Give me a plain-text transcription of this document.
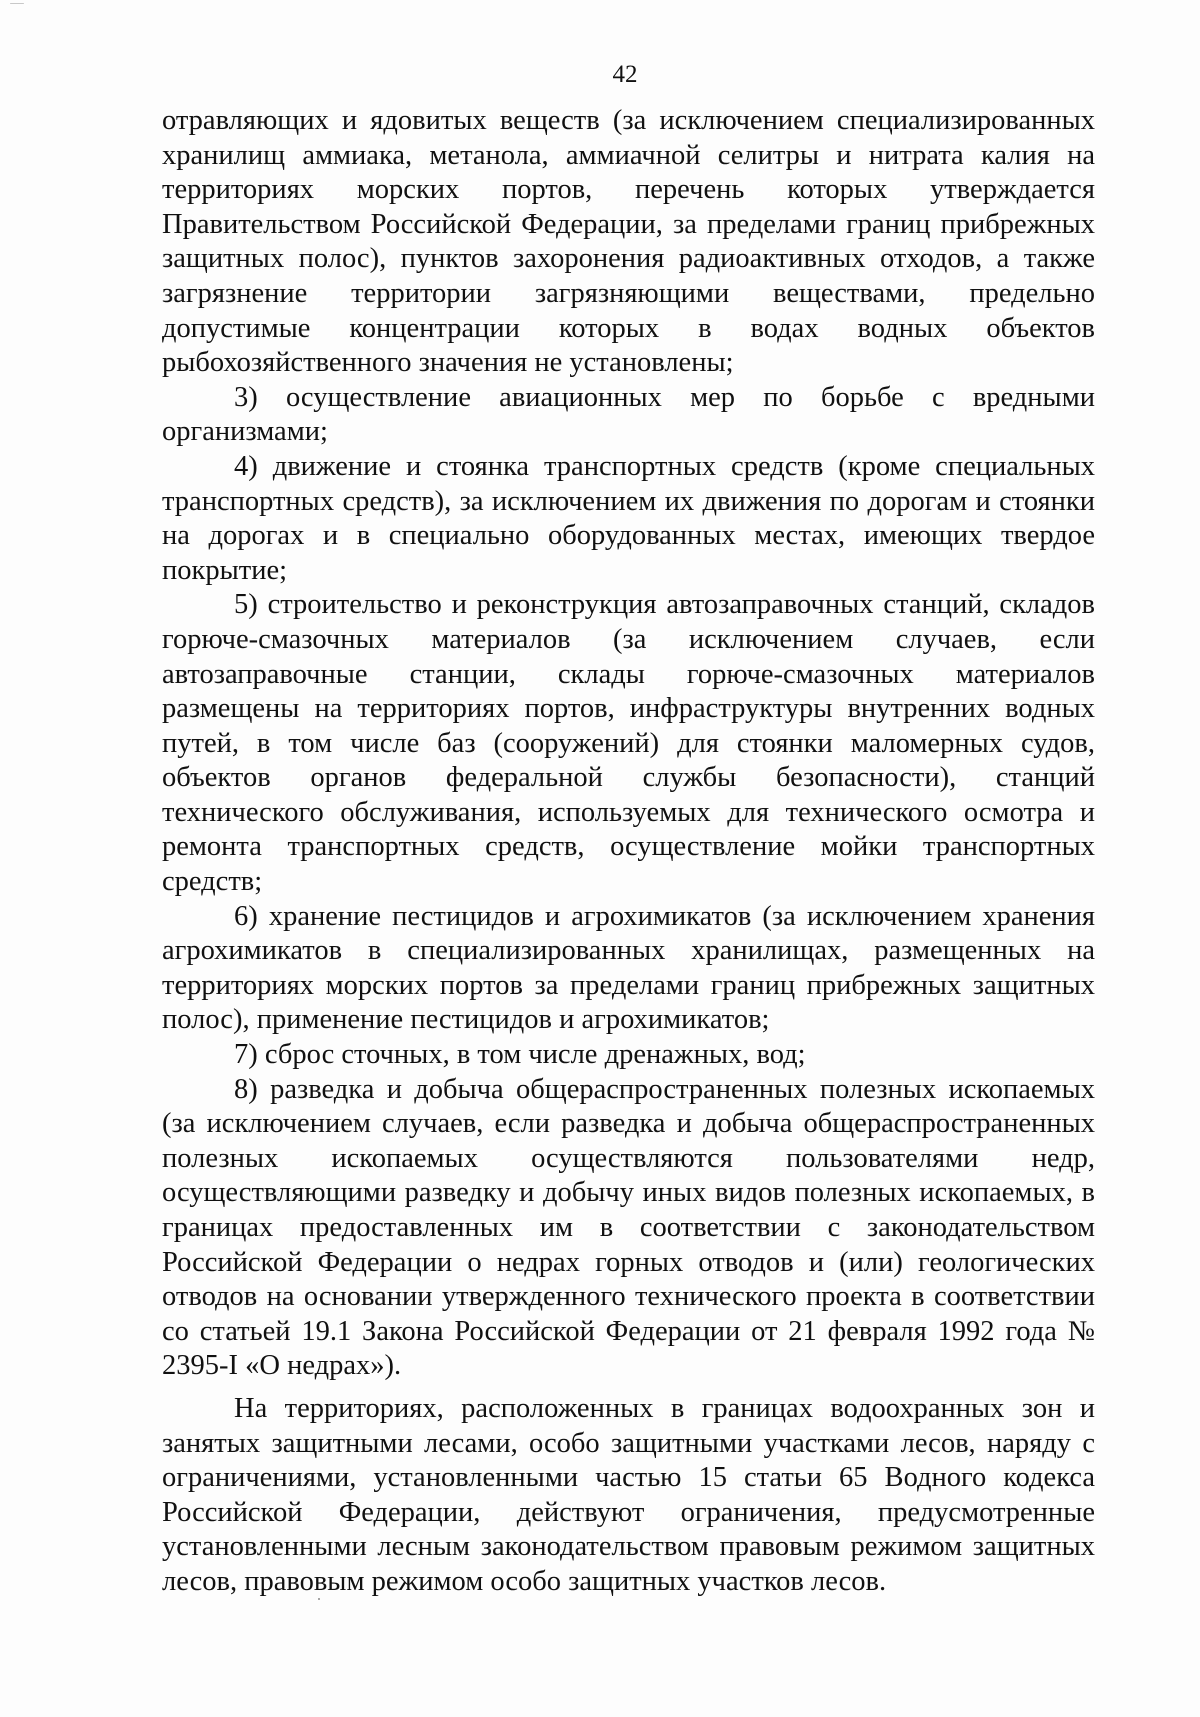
42

отравляющих и ядовитых веществ (за исключением специализированных хранилищ аммиака, метанола, аммиачной селитры и нитрата калия на территориях морских портов, перечень которых утверждается Правительством Российской Федерации, за пределами границ прибрежных защитных полос), пунктов захоронения радиоактивных отходов, а также загрязнение территории загрязняющими веществами, предельно допустимые концентрации которых в водах водных объектов рыбохозяйственного значения не установлены;

3) осуществление авиационных мер по борьбе с вредными организмами;

4) движение и стоянка транспортных средств (кроме специальных транспортных средств), за исключением их движения по дорогам и стоянки на дорогах и в специально оборудованных местах, имеющих твердое покрытие;

5) строительство и реконструкция автозаправочных станций, складов горюче-смазочных материалов (за исключением случаев, если автозаправочные станции, склады горюче-смазочных материалов размещены на территориях портов, инфраструктуры внутренних водных путей, в том числе баз (сооружений) для стоянки маломерных судов, объектов органов федеральной службы безопасности), станций технического обслуживания, используемых для технического осмотра и ремонта транспортных средств, осуществление мойки транспортных средств;

6) хранение пестицидов и агрохимикатов (за исключением хранения агрохимикатов в специализированных хранилищах, размещенных на территориях морских портов за пределами границ прибрежных защитных полос), применение пестицидов и агрохимикатов;

7) сброс сточных, в том числе дренажных, вод;

8) разведка и добыча общераспространенных полезных ископаемых (за исключением случаев, если разведка и добыча общераспространенных полезных ископаемых осуществляются пользователями недр, осуществляющими разведку и добычу иных видов полезных ископаемых, в границах предоставленных им в соответствии с законодательством Российской Федерации о недрах горных отводов и (или) геологических отводов на основании утвержденного технического проекта в соответствии со статьей 19.1 Закона Российской Федерации от 21 февраля 1992 года № 2395-I «О недрах»).

На территориях, расположенных в границах водоохранных зон и занятых защитными лесами, особо защитными участками лесов, наряду с ограничениями, установленными частью 15 статьи 65 Водного кодекса Российской Федерации, действуют ограничения, предусмотренные установленными лесным законодательством правовым режимом защитных лесов, правовым режимом особо защитных участков лесов.
